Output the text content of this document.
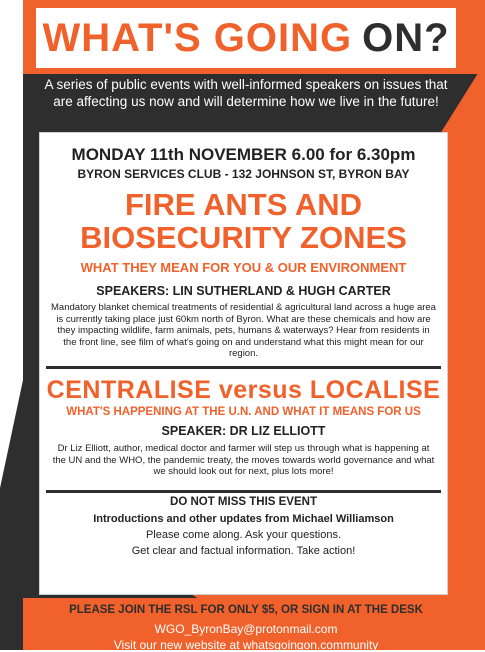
WHAT'S GOING ON?
A series of public events with well-informed speakers on issues that
are affecting us now and will determine how we live in the future!
MONDAY 11th NOVEMBER 6.00 for 6.30pm
BYRON SERVICES CLUB - 132 JOHNSON ST, BYRON BAY
FIRE ANTS AND
BIOSECURITY ZONES
WHAT THEY MEAN FOR YOU & OUR ENVIRONMENT
SPEAKERS: LIN SUTHERLAND & HUGH CARTER
Mandatory blanket chemical treatments of residential & agricultural land across a huge area is currently taking place just 60km north of Byron. What are these chemicals and how are they impacting wildlife, farm animals, pets, humans & waterways? Hear from residents in the front line, see film of what's going on and understand what this might mean for our region.
CENTRALISE versus LOCALISE
WHAT'S HAPPENING AT THE U.N. AND WHAT IT MEANS FOR US
SPEAKER: DR LIZ ELLIOTT
Dr Liz Elliott, author, medical doctor and farmer will step us through what is happening at the UN and the WHO, the pandemic treaty, the moves towards world governance and what we should look out for next, plus lots more!
DO NOT MISS THIS EVENT
Introductions and other updates from Michael Williamson
Please come along. Ask your questions.
Get clear and factual information. Take action!
PLEASE JOIN THE RSL FOR ONLY $5, OR SIGN IN AT THE DESK
WGO_ByronBay@protonmail.com
Visit our new website at whatsgoingon.community
